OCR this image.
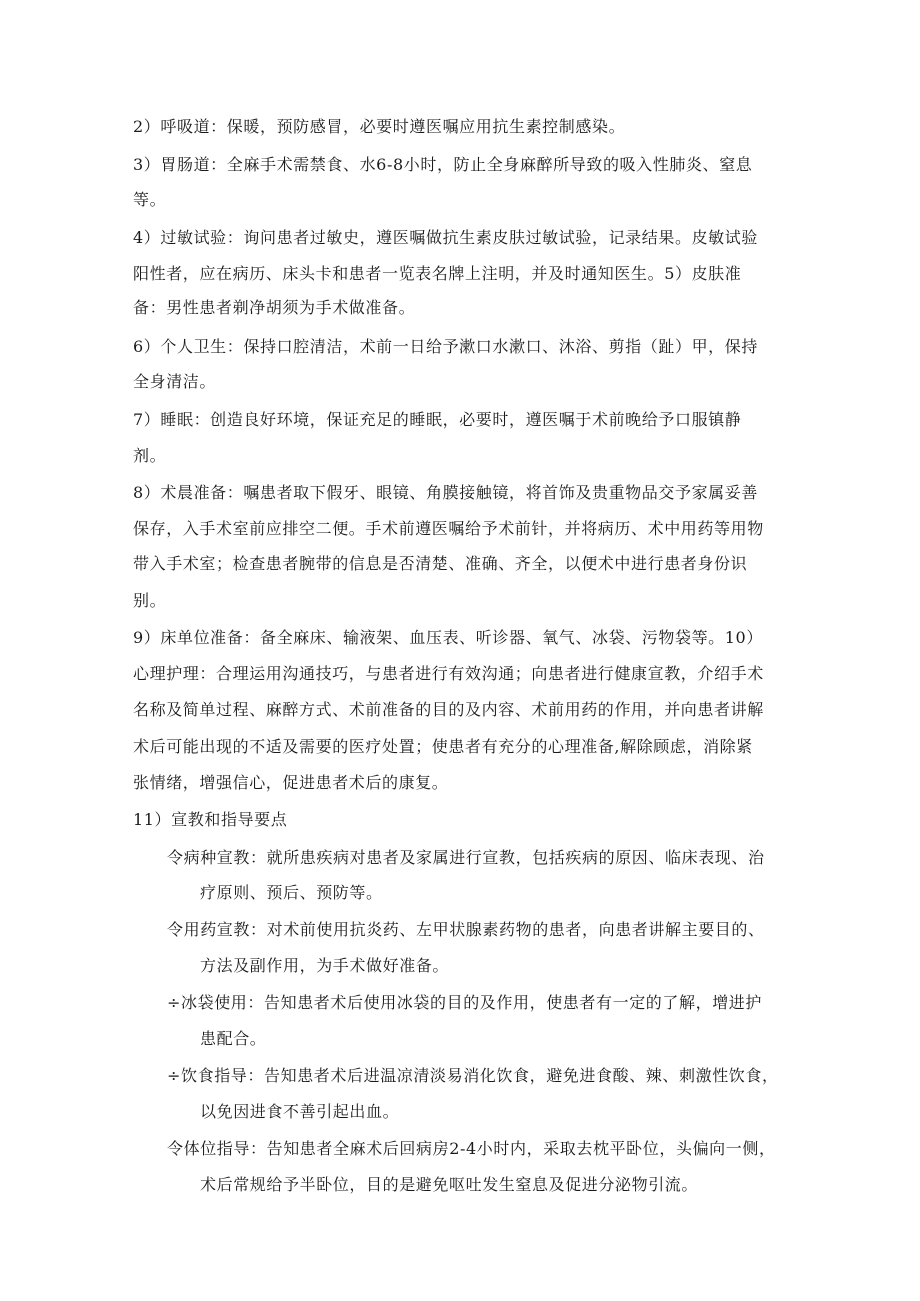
2）呼吸道：保暖，预防感冒，必要时遵医嘱应用抗生素控制感染。
3）胃肠道：全麻手术需禁食、水6-8小时，防止全身麻醉所导致的吸入性肺炎、窒息
等。
4）过敏试验：询问患者过敏史，遵医嘱做抗生素皮肤过敏试验，记录结果。皮敏试验
阳性者，应在病历、床头卡和患者一览表名牌上注明，并及时通知医生。5）皮肤准
备：男性患者剃净胡须为手术做准备。
6）个人卫生：保持口腔清洁，术前一日给予漱口水漱口、沐浴、剪指（趾）甲，保持
全身清洁。
7）睡眠：创造良好环境，保证充足的睡眠，必要时，遵医嘱于术前晚给予口服镇静
剂。
8）术晨准备：嘱患者取下假牙、眼镜、角膜接触镜，将首饰及贵重物品交予家属妥善
保存，入手术室前应排空二便。手术前遵医嘱给予术前针，并将病历、术中用药等用物
带入手术室；检查患者腕带的信息是否清楚、准确、齐全，以便术中进行患者身份识
别。
9）床单位准备：备全麻床、输液架、血压表、听诊器、氧气、冰袋、污物袋等。10）
心理护理：合理运用沟通技巧，与患者进行有效沟通；向患者进行健康宣教，介绍手术
名称及简单过程、麻醉方式、术前准备的目的及内容、术前用药的作用，并向患者讲解
术后可能出现的不适及需要的医疗处置；使患者有充分的心理准备,解除顾虑，消除紧
张情绪，增强信心，促进患者术后的康复。
11）宣教和指导要点
令病种宣教：就所患疾病对患者及家属进行宣教，包括疾病的原因、临床表现、治
疗原则、预后、预防等。
令用药宣教：对术前使用抗炎药、左甲状腺素药物的患者，向患者讲解主要目的、
方法及副作用，为手术做好准备。
÷冰袋使用：告知患者术后使用冰袋的目的及作用，使患者有一定的了解，增进护
患配合。
÷饮食指导：告知患者术后进温凉清淡易消化饮食，避免进食酸、辣、刺激性饮食，
以免因进食不善引起出血。
令体位指导：告知患者全麻术后回病房2-4小时内，采取去枕平卧位，头偏向一侧，
术后常规给予半卧位，目的是避免呕吐发生窒息及促进分泌物引流。
